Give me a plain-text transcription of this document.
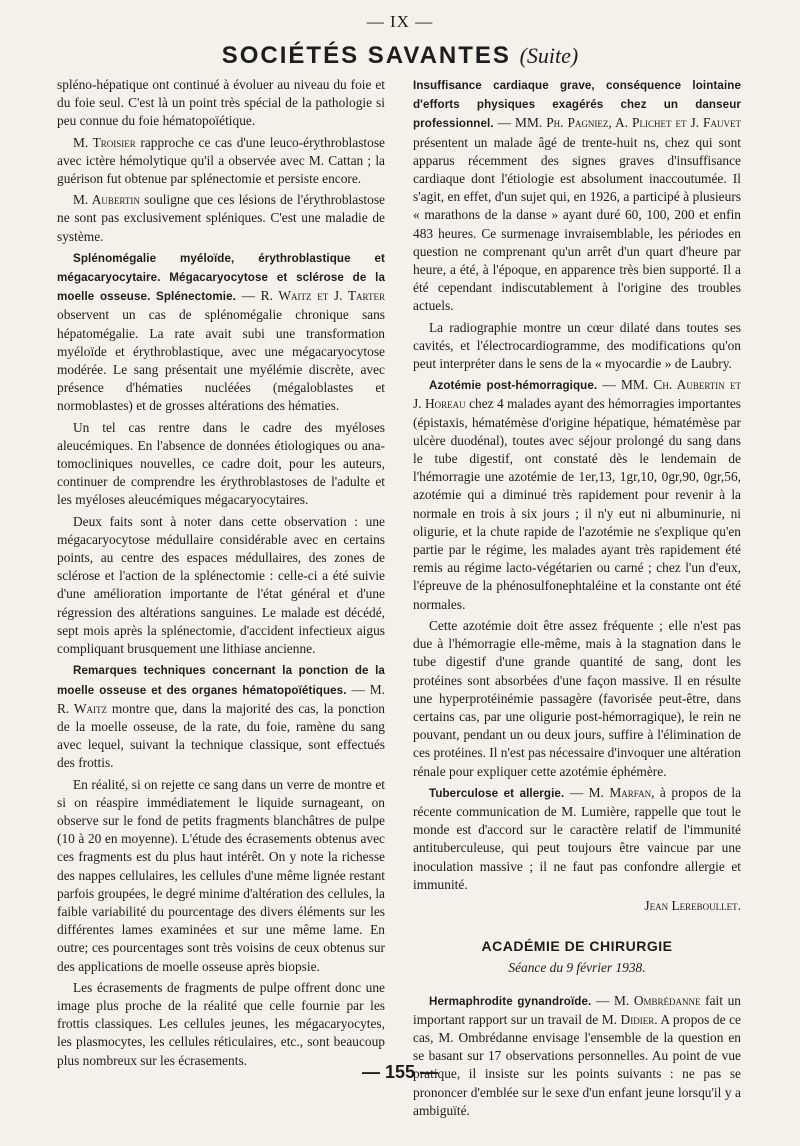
— IX —
SOCIÉTÉS SAVANTES (Suite)

spléno-hépatique ont continué à évoluer au niveau du foie et du foie seul. C'est là un point très spécial de la pathologie si peu connue du foie hématopoïétique.

M. Troisier rapproche ce cas d'une leuco-érythroblastose avec ictère hémolytique qu'il a observée avec M. Cattan ; la guérison fut obtenue par splénectomie et persiste encore.

M. Aubertin souligne que ces lésions de l'érythroblastose ne sont pas exclusivement spléniques. C'est une maladie de système.

Splénomégalie myéloïde, érythroblastique et mégacaryocytaire. Mégacaryocytose et sclérose de la moelle osseuse. Splénectomie. — R. Waitz et J. Tarter observent un cas de splénomégalie chronique sans hépatomégalie. La rate avait subi une transformation myéloïde et érythroblastique, avec une mégacaryocytose modérée. Le sang présentait une myélémie discrète, avec présence d'hématies nucléées (mégaloblastes et normoblastes) et de grosses altérations des hématies.

Un tel cas rentre dans le cadre des myéloses aleucémiques. En l'absence de données étiologiques ou ana-tomocliniques nouvelles, ce cadre doit, pour les auteurs, continuer de comprendre les érythroblastoses de l'adulte et les myéloses aleucémiques mégacaryocytaires.

Deux faits sont à noter dans cette observation : une mégacaryocytose médullaire considérable avec en certains points, au centre des espaces médullaires, des zones de sclérose et l'action de la splénectomie : celle-ci a été suivie d'une amélioration importante de l'état général et d'une régression des altérations sanguines. Le malade est décédé, sept mois après la splénectomie, d'accident infectieux aigus compliquant brusquement une lithiase ancienne.

Remarques techniques concernant la ponction de la moelle osseuse et des organes hématopoïétiques. — M. R. Waitz montre que, dans la majorité des cas, la ponction de la moelle osseuse, de la rate, du foie, ramène du sang avec lequel, suivant la technique classique, sont effectués des frottis.

En réalité, si on rejette ce sang dans un verre de montre et si on réaspire immédiatement le liquide surnageant, on observe sur le fond de petits fragments blanchâtres de pulpe (10 à 20 en moyenne). L'étude des écrasements obtenus avec ces fragments est du plus haut intérêt. On y note la richesse des nappes cellulaires, les cellules d'une même lignée restant parfois groupées, le degré minime d'altération des cellules, la faible variabilité du pourcentage des divers éléments sur les différentes lames examinées et sur une même lame. En outre; ces pourcentages sont très voisins de ceux obtenus sur des applications de moelle osseuse après biopsie.

Les écrasements de fragments de pulpe offrent donc une image plus proche de la réalité que celle fournie par les frottis classiques. Les cellules jeunes, les mégacaryocytes, les plasmocytes, les cellules réticulaires, etc., sont beaucoup plus nombreux sur les écrasements.

Insuffisance cardiaque grave, conséquence lointaine d'efforts physiques exagérés chez un danseur professionnel. — MM. Ph. Pagniez, A. Plichet et J. Fauvet présentent un malade âgé de trente-huit ns, chez qui sont apparus récemment des signes graves d'insuffisance cardiaque dont l'étiologie est absolument inaccoutumée. Il s'agit, en effet, d'un sujet qui, en 1926, a participé à plusieurs « marathons de la danse » ayant duré 60, 100, 200 et enfin 483 heures. Ce surmenage invraisemblable, les périodes en question ne comprenant qu'un arrêt d'un quart d'heure par heure, a été, à l'époque, en apparence très bien supporté. Il a été cependant indiscutablement à l'origine des troubles actuels.

La radiographie montre un cœur dilaté dans toutes ses cavités, et l'électrocardiogramme, des modifications qu'on peut interpréter dans le sens de la « myocardie » de Laubry.

Azotémie post-hémorragique. — MM. Ch. Aubertin et J. Horeau chez 4 malades ayant des hémorragies importantes (épistaxis, hématémèse d'origine hépatique, hématémèse par ulcère duodénal), toutes avec séjour prolongé du sang dans le tube digestif, ont constaté dès le lendemain de l'hémorragie une azotémie de 1er,13, 1gr,10, 0gr,90, 0gr,56, azotémie qui a diminué très rapidement pour revenir à la normale en trois à six jours ; il n'y eut ni albuminurie, ni oligurie, et la chute rapide de l'azotémie ne s'explique qu'en partie par le régime, les malades ayant très rapidement été remis au régime lacto-végétarien ou carné ; chez l'un d'eux, l'épreuve de la phénosulfonephtaléine et la constante ont été normales.

Cette azotémie doit être assez fréquente ; elle n'est pas due à l'hémorragie elle-même, mais à la stagnation dans le tube digestif d'une grande quantité de sang, dont les protéines sont absorbées d'une façon massive. Il en résulte une hyperprotéinémie passagère (favorisée peut-être, dans certains cas, par une oligurie post-hémorragique), le rein ne pouvant, pendant un ou deux jours, suffire à l'élimination de ces protéines. Il n'est pas nécessaire d'invoquer une altération rénale pour expliquer cette azotémie éphémère.

Tuberculose et allergie. — M. Marfan, à propos de la récente communication de M. Lumière, rappelle que tout le monde est d'accord sur le caractère relatif de l'immunité antituberculeuse, qui peut toujours être vaincue par une inoculation massive ; il ne faut pas confondre allergie et immunité.

Jean Lereboullet.

ACADÉMIE DE CHIRURGIE
Séance du 9 février 1938.

Hermaphrodite gynandroïde. — M. Ombrédanne fait un important rapport sur un travail de M. Didier. A propos de ce cas, M. Ombrédanne envisage l'ensemble de la question en se basant sur 17 observations personnelles. Au point de vue pratique, il insiste sur les points suivants : ne pas se prononcer d'emblée sur le sexe d'un enfant jeune lorsqu'il y a ambiguïté.

— 155 —
